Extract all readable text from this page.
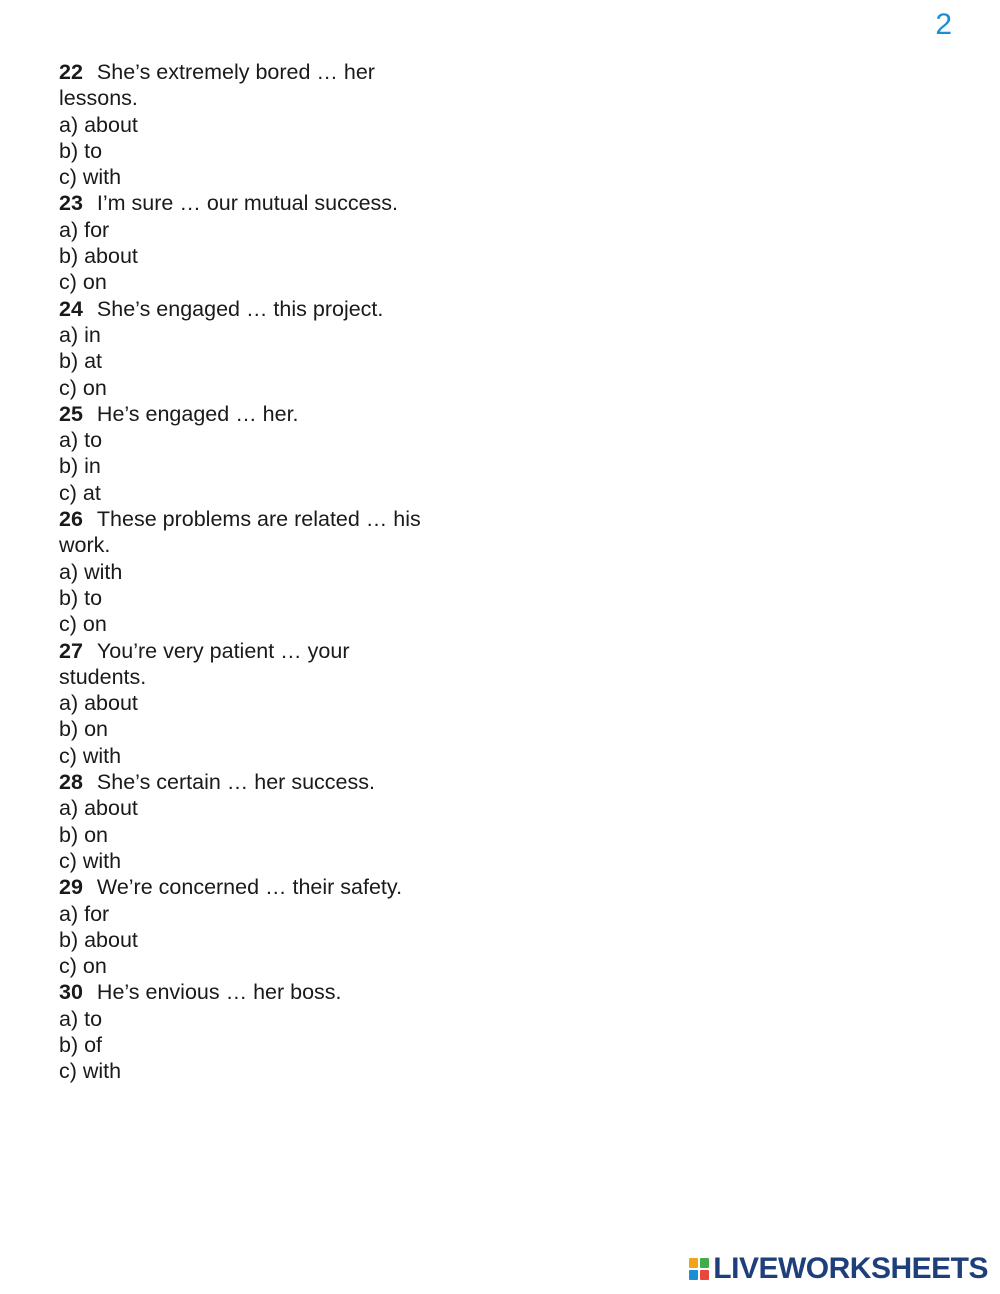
2
22 She’s extremely bored … her
lessons.
a) about
b) to
c) with
23 I’m sure … our mutual success.
a) for
b) about
c) on
24 She’s engaged … this project.
a) in
b) at
c) on
25 He’s engaged … her.
a) to
b) in
c) at
26 These problems are related … his
work.
a) with
b) to
c) on
27 You’re very patient … your
students.
a) about
b) on
c) with
28 She’s certain … her success.
a) about
b) on
c) with
29 We’re concerned … their safety.
a) for
b) about
c) on
30 He’s envious … her boss.
a) to
b) of
c) with
LIVEWORKSHEETS
